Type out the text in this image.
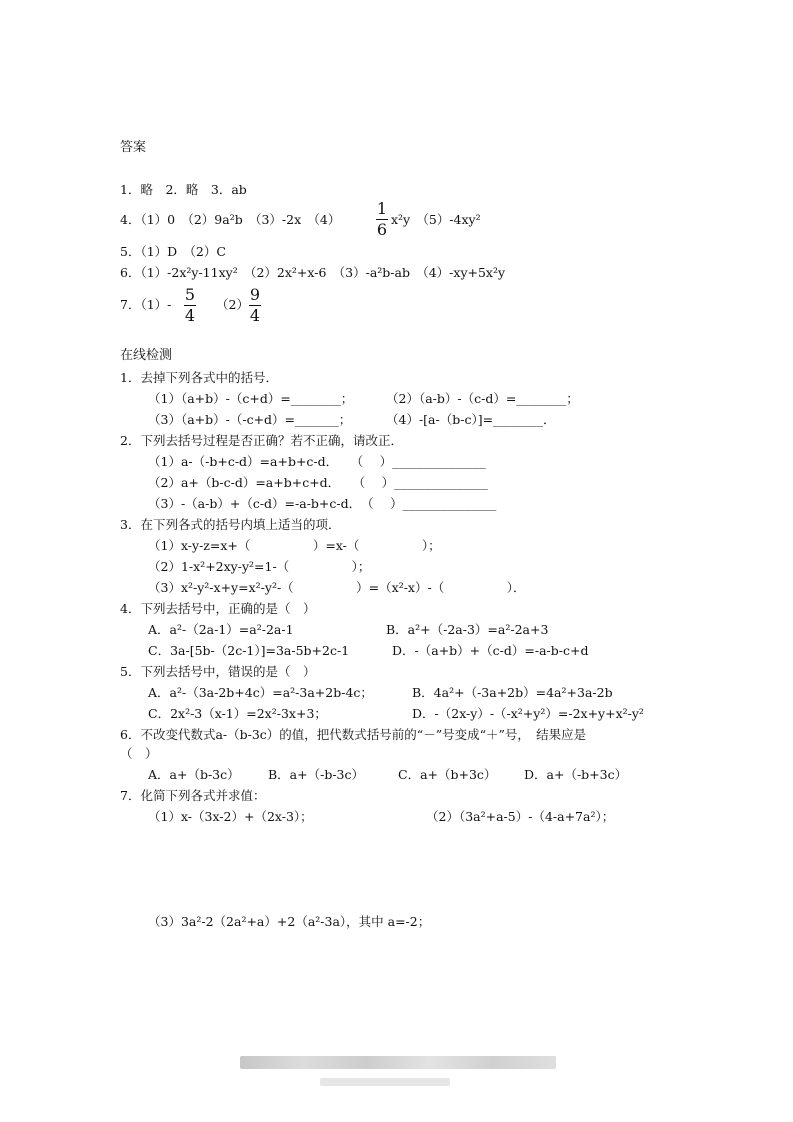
答案
1．略　2．略　3．ab
4．（1）0　（2）9a²b　（3）-2x　（4）
1
6
x²y　（5）-4xy²
5．（1）D　（2）C
6．（1）-2x²y-11xy²　（2）2x²+x-6　（3）-a²b-ab　（4）-xy+5x²y
7．（1）-
5
4
（2）
9
4
在线检测
1．去掉下列各式中的括号．
（1）（a+b）-（c+d）=________；	（2）（a-b）-（c-d）=________；
（3）（a+b）-（-c+d）=_______；	（4）-[a-（b-c）]=________．
2．下列去括号过程是否正确？若不正确，请改正．
（1）a-（-b+c-d）=a+b+c-d．　　（　 ）_______________
（2）a+（b-c-d）=a+b+c+d．　　（　 ）_______________
（3）-（a-b）+（c-d）=-a-b+c-d．　（　 ）_______________
3．在下列各式的括号内填上适当的项．
（1）x-y-z=x+（　　　　　）=x-（　　　　　）；
（2）1-x²+2xy-y²=1-（　　　　　）；
（3）x²-y²-x+y=x²-y²-（　　　　　）=（x²-x）-（　　　　　）．
4．下列去括号中，正确的是（　）
A．a²-（2a-1）=a²-2a-1	B．a²+（-2a-3）=a²-2a+3
C．3a-[5b-（2c-1）]=3a-5b+2c-1	D．-（a+b）+（c-d）=-a-b-c+d
5．下列去括号中，错误的是（　）
A．a²-（3a-2b+4c）=a²-3a+2b-4c；	B．4a²+（-3a+2b）=4a²+3a-2b
C．2x²-3（x-1）=2x²-3x+3；	D．-（2x-y）-（-x²+y²）=-2x+y+x²-y²
6．不改变代数式a-（b-3c）的值，把代数式括号前的“－”号变成“＋”号，　结果应是
（　）
A．a+（b-3c） B．a+（-b-3c）	C．a+（b+3c） D．a+（-b+3c）
7．化简下列各式并求值：
（1）x-（3x-2）+（2x-3）；	（2）（3a²+a-5）-（4-a+7a²）；
（3）3a²-2（2a²+a）+2（a²-3a），其中 a=-2；
